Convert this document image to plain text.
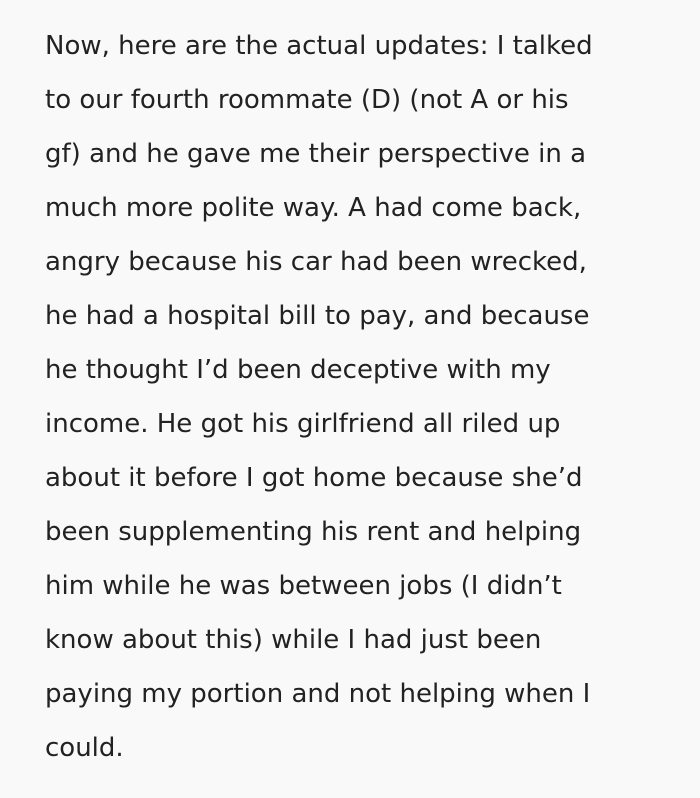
Now, here are the actual updates: I talked
to our fourth roommate (D) (not A or his
gf) and he gave me their perspective in a
much more polite way. A had come back,
angry because his car had been wrecked,
he had a hospital bill to pay, and because
he thought I’d been deceptive with my
income. He got his girlfriend all riled up
about it before I got home because she’d
been supplementing his rent and helping
him while he was between jobs (I didn’t
know about this) while I had just been
paying my portion and not helping when I
could.
